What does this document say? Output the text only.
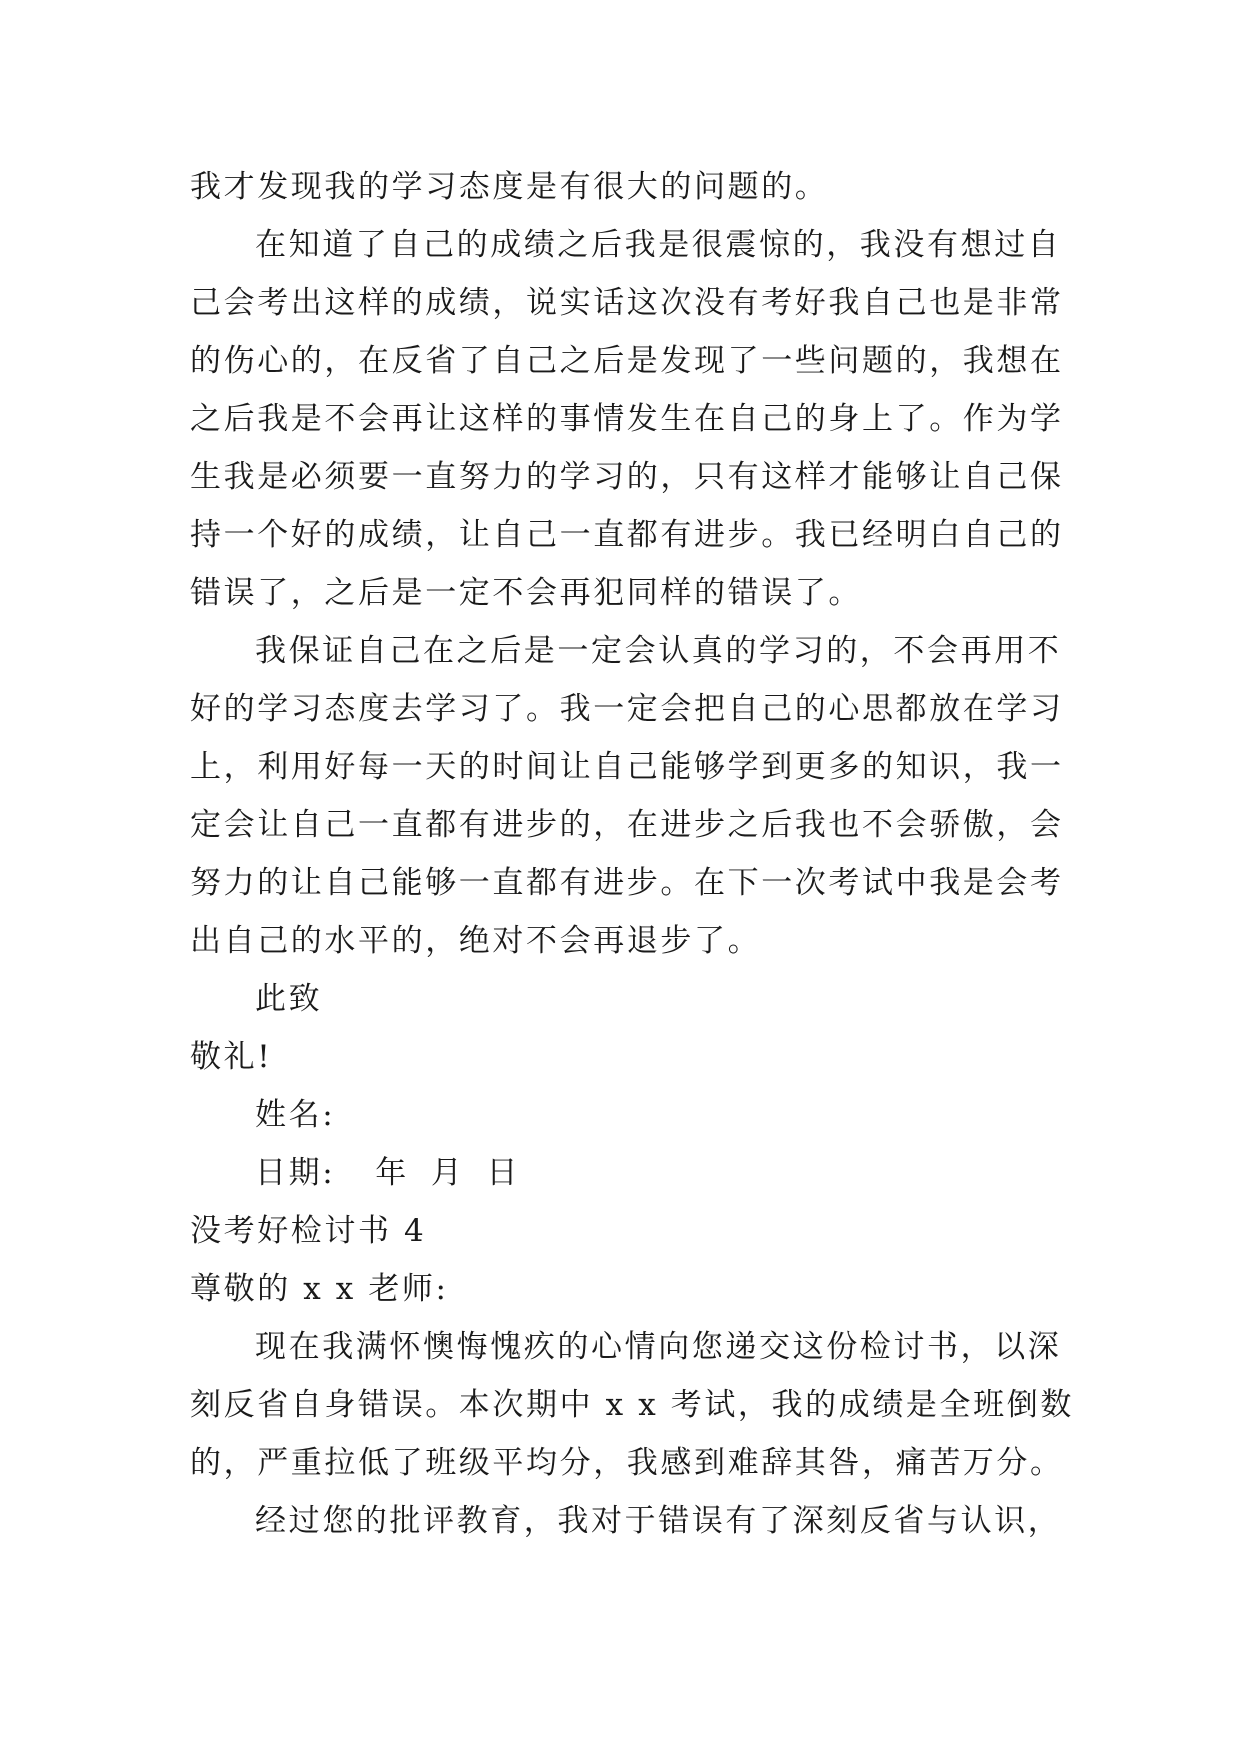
我才发现我的学习态度是有很大的问题的。

在知道了自己的成绩之后我是很震惊的，我没有想过自

己会考出这样的成绩，说实话这次没有考好我自己也是非常

的伤心的，在反省了自己之后是发现了一些问题的，我想在

之后我是不会再让这样的事情发生在自己的身上了。作为学

生我是必须要一直努力的学习的，只有这样才能够让自己保

持一个好的成绩，让自己一直都有进步。我已经明白自己的

错误了，之后是一定不会再犯同样的错误了。

我保证自己在之后是一定会认真的学习的，不会再用不

好的学习态度去学习了。我一定会把自己的心思都放在学习

上，利用好每一天的时间让自己能够学到更多的知识，我一

定会让自己一直都有进步的，在进步之后我也不会骄傲，会

努力的让自己能够一直都有进步。在下一次考试中我是会考

出自己的水平的，绝对不会再退步了。

此致

敬礼!

姓名:

日期: 年 月 日

没考好检讨书 4

尊敬的 x x 老师:

现在我满怀懊悔愧疚的心情向您递交这份检讨书，以深

刻反省自身错误。本次期中 x x 考试，我的成绩是全班倒数

的，严重拉低了班级平均分，我感到难辞其咎，痛苦万分。

经过您的批评教育，我对于错误有了深刻反省与认识，
